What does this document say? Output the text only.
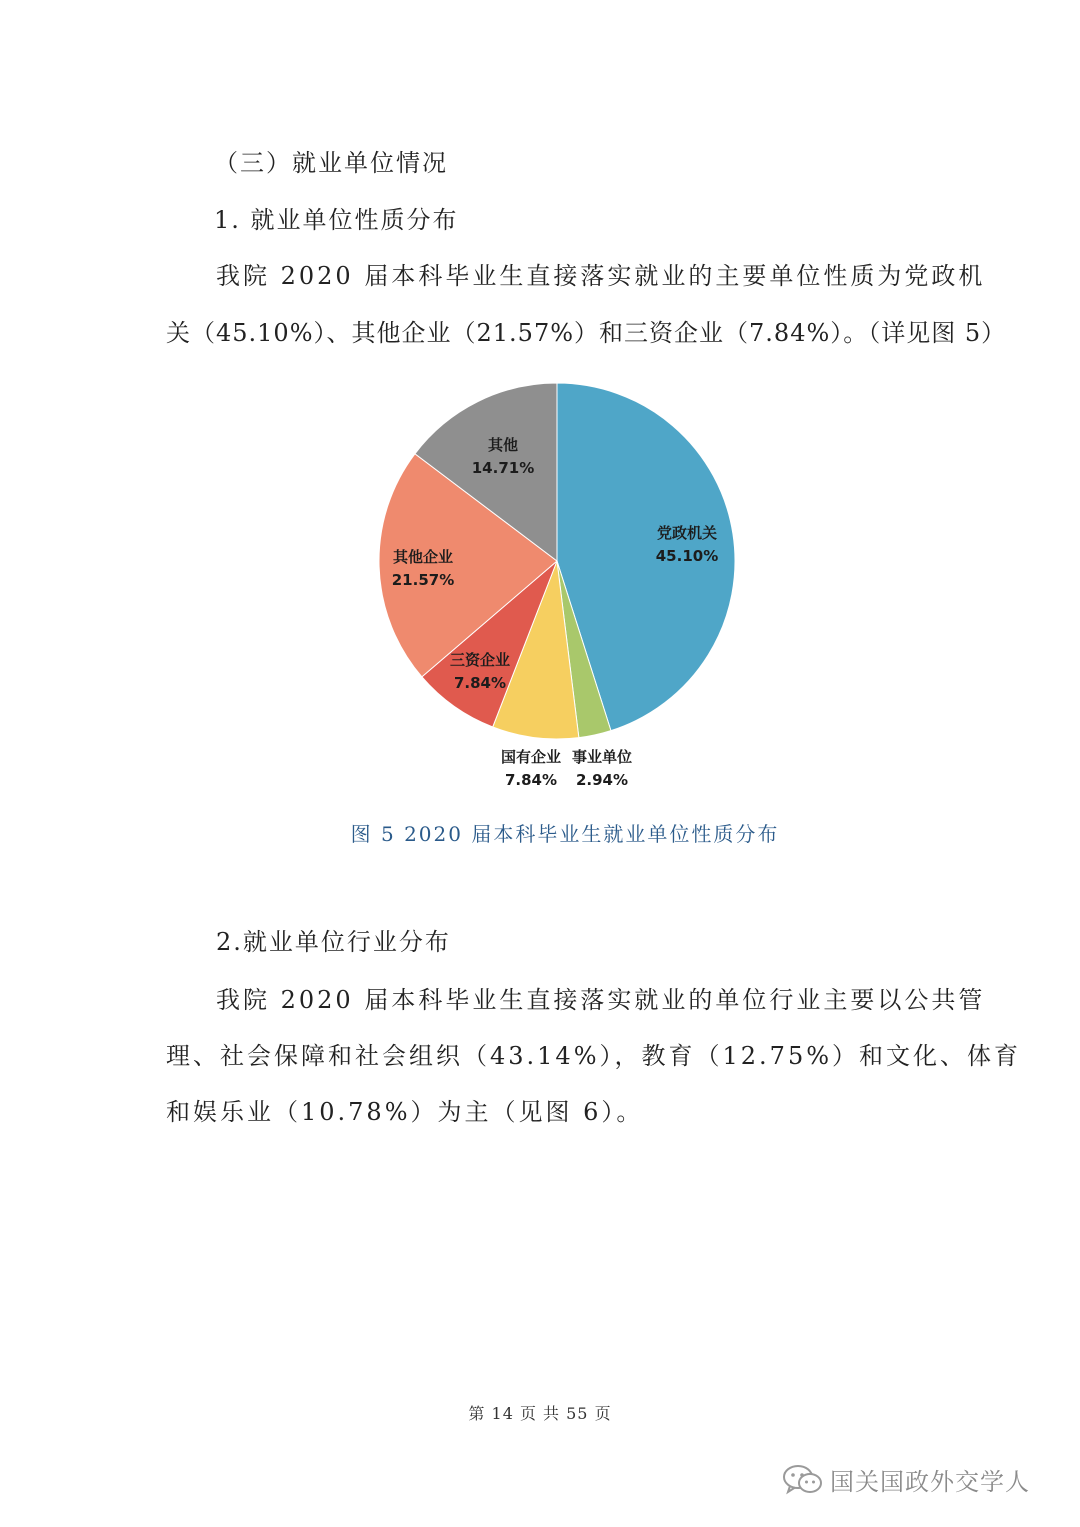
（三）就业单位情况
1. 就业单位性质分布
我院 2020 届本科毕业生直接落实就业的主要单位性质为党政机
关（45.10%）、其他企业（21.57%）和三资企业（7.84%）。（详见图 5）
党政机关
45.10%
事业单位
2.94%
国有企业
7.84%
三资企业
7.84%
其他企业
21.57%
其他
14.71%
图 5 2020 届本科毕业生就业单位性质分布
2.就业单位行业分布
我院 2020 届本科毕业生直接落实就业的单位行业主要以公共管
理、社会保障和社会组织（43.14%），教育（12.75%）和文化、体育
和娱乐业（10.78%）为主（见图 6）。
第 14 页 共 55 页
国关国政外交学人
